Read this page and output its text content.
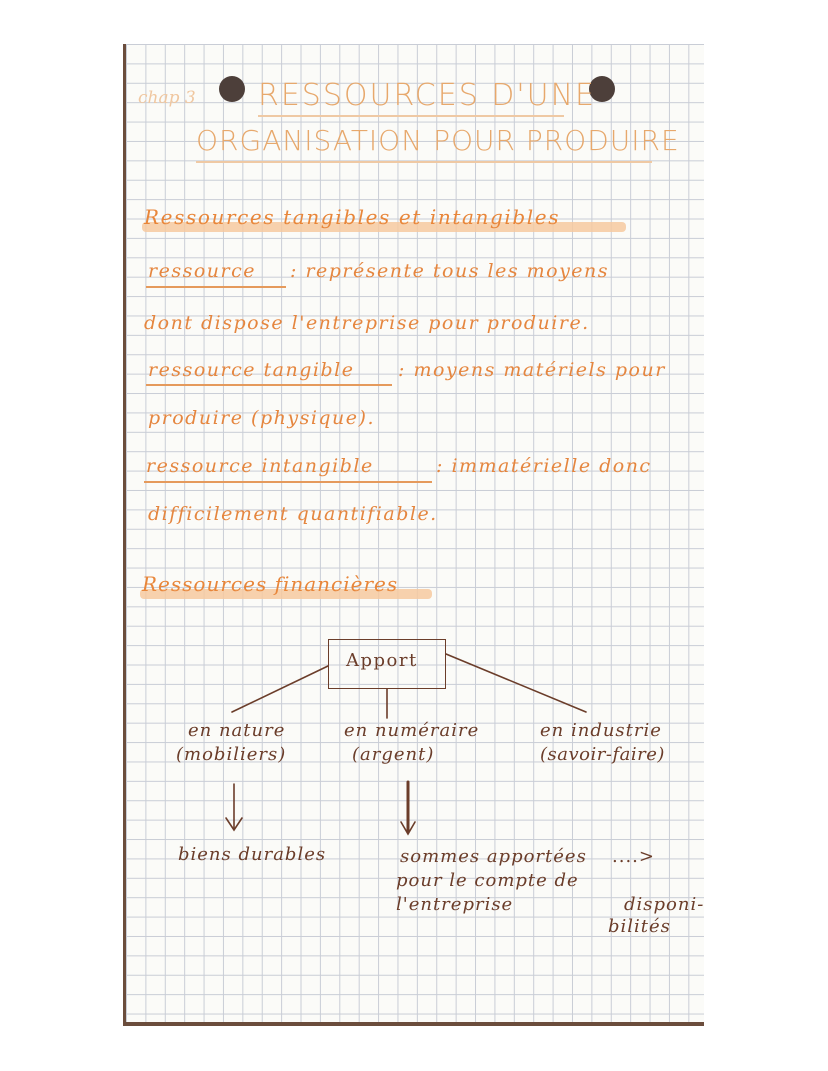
chap 3 RESSOURCES D'UNE
ORGANISATION POUR PRODUIRE
Ressources tangibles et intangibles
ressource : représente tous les moyens
dont dispose l'entreprise pour produire.
ressource tangible : moyens matériels pour
produire (physique).
ressource intangible	: immatérielle donc
difficilement quantifiable.
Ressources financières
Apport
en nature
(mobiliers)
en numéraire
(argent)
en industrie
(savoir-faire)
biens durables	sommes apportées
pour le compte de
l'entreprise
....>
disponi-
bilités
